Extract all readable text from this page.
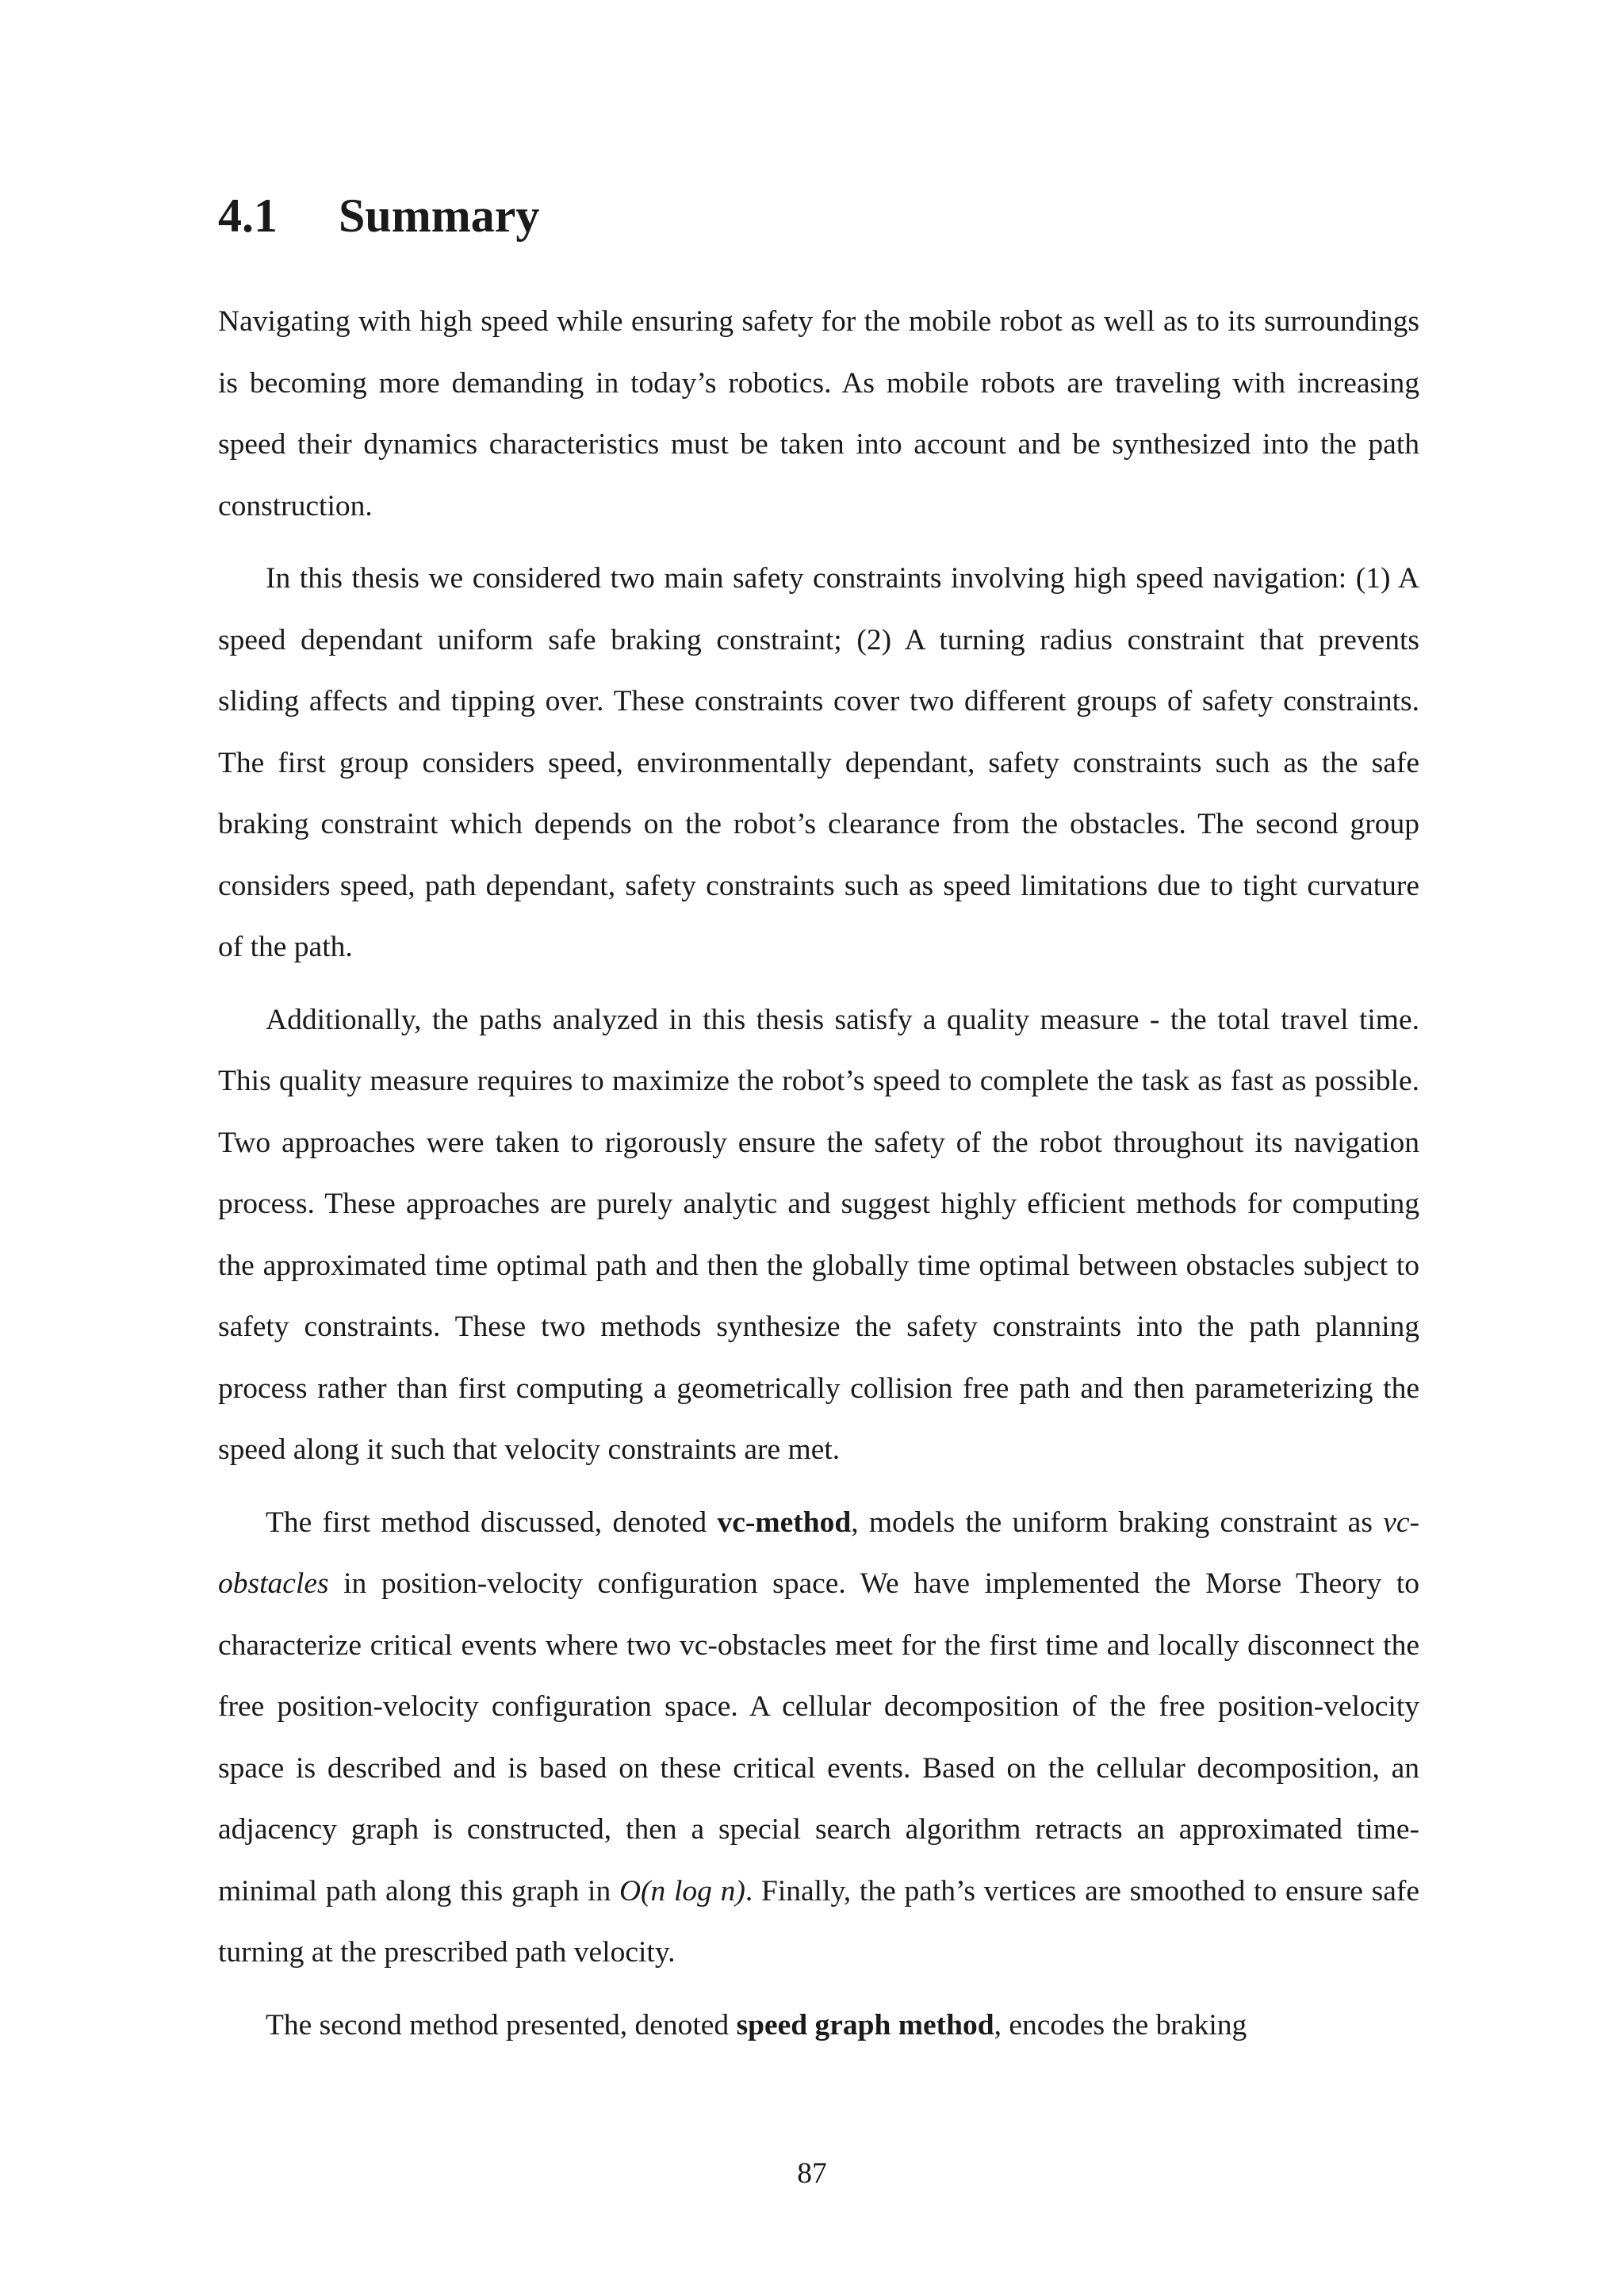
4.1 Summary

Navigating with high speed while ensuring safety for the mobile robot as well as to its surroundings is becoming more demanding in today’s robotics. As mobile robots are traveling with increasing speed their dynamics characteristics must be taken into account and be synthesized into the path construction.

In this thesis we considered two main safety constraints involving high speed navigation: (1) A speed dependant uniform safe braking constraint; (2) A turning radius constraint that prevents sliding affects and tipping over. These constraints cover two different groups of safety constraints. The first group considers speed, environmentally dependant, safety constraints such as the safe braking constraint which depends on the robot’s clearance from the obstacles. The second group considers speed, path dependant, safety constraints such as speed limitations due to tight curvature of the path.

Additionally, the paths analyzed in this thesis satisfy a quality measure - the total travel time. This quality measure requires to maximize the robot’s speed to complete the task as fast as possible. Two approaches were taken to rigorously ensure the safety of the robot throughout its navigation process. These approaches are purely analytic and suggest highly efficient methods for computing the approximated time optimal path and then the globally time optimal between obstacles subject to safety constraints. These two methods synthesize the safety constraints into the path planning process rather than first computing a geometrically collision free path and then parameterizing the speed along it such that velocity constraints are met.

The first method discussed, denoted vc-method, models the uniform braking constraint as vc-obstacles in position-velocity configuration space. We have implemented the Morse Theory to characterize critical events where two vc-obstacles meet for the first time and locally disconnect the free position-velocity configuration space. A cellular decomposition of the free position-velocity space is described and is based on these critical events. Based on the cellular decomposition, an adjacency graph is constructed, then a special search algorithm retracts an approximated time-minimal path along this graph in O(n log n). Finally, the path’s vertices are smoothed to ensure safe turning at the prescribed path velocity.

The second method presented, denoted speed graph method, encodes the braking

87
